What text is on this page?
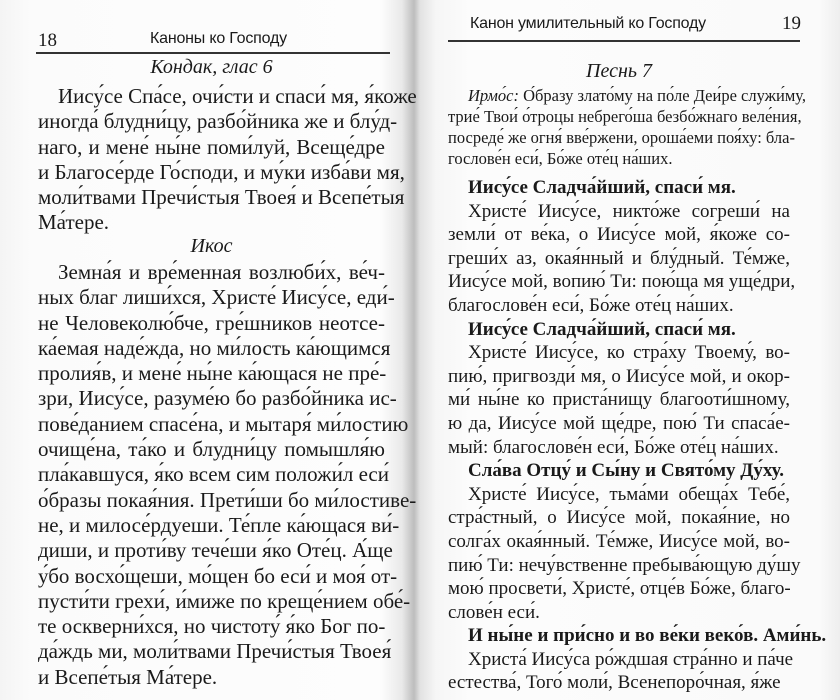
18	Каноны ко Господу
Кондак, глас 6
Иису́се Спа́се, очи́сти и спаси́ мя, я́коже
иногда́ блудни́цу, разбо́йника же и блу́д-
наго, и мене́ ны́не поми́луй, Всеще́дре
и Благосе́рде Го́споди, и му́ки изба́ви мя,
моли́твами Пречи́стыя Твоея́ и Всепе́тыя
Ма́тере.
Икос
Земна́я и вре́менная возлюби́х, ве́ч-
ных благ лиши́хся, Христе́ Иису́се, еди́-
не Человеколю́бче, гре́шников неотсе-
ка́емая наде́жда, но ми́лость ка́ющимся
пролия́в, и мене́ ны́не ка́ющася не пре́-
зри, Иису́се, разуме́ю бо разбо́йника ис-
пове́данием спасе́на, и мытаря́ ми́лостию
очище́на, та́ко и блудни́цу помышля́ю
пла́кавшуся, я́ко всем сим положи́л еси́
о́бразы покая́ния. Прети́ши бо ми́лостиве-
не, и милосе́рдуеши. Те́пле ка́ющася ви́-
диши, и проти́ву тече́ши я́ко Оте́ц. А́ще
у́бо восхо́щеши, мо́щен бо еси́ и моя́ от-
пусти́ти грехи́, и́миже по креще́нием обе́-
те оскверни́хся, но чистоту́ я́ко Бог по-
да́ждь ми, моли́твами Пречи́стыя Твоея́
и Всепе́тыя Ма́тере.
Канон умилительный ко Господу	19
Песнь 7
Ирмо́с: О́бразу злато́му на по́ле Деи́ре служи́му,
трие́ Твои́ о́троцы небрего́ша безбо́жнаго веле́ния,
посреде́ же огня́ вве́ржени, ороша́еми поя́ху: бла-
гослове́н еси́, Бо́же оте́ц на́ших.
Иису́се Сладча́йший, спаси́ мя.
Христе́ Иису́се, никто́же согреши́ на
земли́ от ве́ка, о Иису́се мой, я́коже со-
греши́х аз, окая́нный и блу́дный. Те́мже,
Иису́се мой, вопию́ Ти: пою́ща мя уще́дри,
благослове́н еси́, Бо́же оте́ц на́ших.
Иису́се Сладча́йший, спаси́ мя.
Христе́ Иису́се, ко стра́ху Твоему́, во-
пию́, пригвозди́ мя, о Иису́се мой, и окор-
ми́ ны́не ко приста́нищу благоoти́шному,
ю да, Иису́се мой ще́дре, пою́ Ти спаса́е-
мый: благослове́н еси́, Бо́же оте́ц на́ших.
Сла́ва Отцу́ и Сы́ну и Свято́му Ду́ху.
Христе́ Иису́се, тьма́ми обеща́х Тебе́,
стра́стный, о Иису́се мой, покая́ние, но
солга́х окая́нный. Те́мже, Иису́се мой, во-
пию́ Ти: нечу́вственне пребыва́ющую ду́шу
мою́ просвети́, Христе́, отце́в Бо́же, благо-
слове́н еси́.
И ны́не и при́сно и во ве́ки веко́в. Ами́нь.
Христа́ Иису́са ро́ждшая стра́нно и па́че
естества́, Того́ моли́, Всенепоро́чная, я́же
